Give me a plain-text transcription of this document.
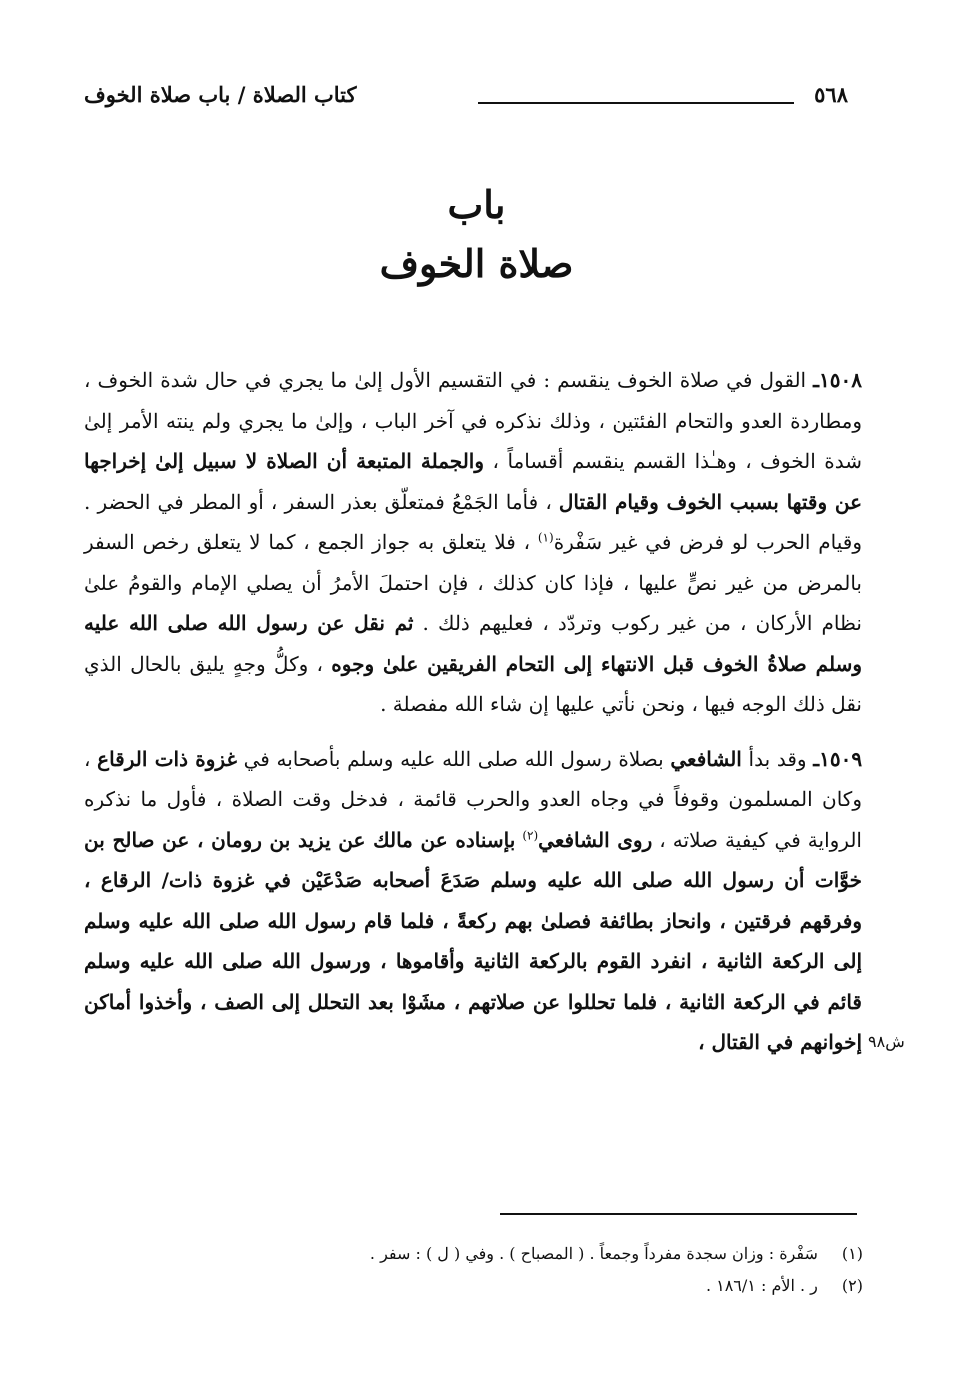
٥٦٨
كتاب الصلاة / باب صلاة الخوف
باب
صلاة الخوف

١٥٠٨ـ القول في صلاة الخوف ينقسم : في التقسيم الأول إلىٰ ما يجري في حال شدة الخوف ، ومطاردة العدو والتحام الفئتين ، وذلك نذكره في آخر الباب ، وإلىٰ ما يجري ولم ينته الأمر إلىٰ شدة الخوف ، وهـٰذا القسم ينقسم أقساماً ، والجملة المتبعة أن الصلاة لا سبيل إلىٰ إخراجها عن وقتها بسبب الخوف وقيام القتال ، فأما الجَمْعُ فمتعلّق بعذر السفر ، أو المطر في الحضر . وقيام الحرب لو فرض في غير سَفْرة$^{(١)}$ ، فلا يتعلق به جواز الجمع ، كما لا يتعلق رخص السفر بالمرض من غير نصٍّ عليها ، فإذا كان كذلك ، فإن احتملَ الأمرُ أن يصلي الإمام والقومُ علىٰ نظام الأركان ، من غير ركوب وتردّد ، فعليهم ذلك . ثم نقل عن رسول الله صلى الله عليه وسلم صلاةُ الخوف قبل الانتهاء إلى التحام الفريقين علىٰ وجوه ، وكلُّ وجهٍ يليق بالحال الذي نقل ذلك الوجه فيها ، ونحن نأتي عليها إن شاء الله مفصلة .

١٥٠٩ـ وقد بدأ الشافعي بصلاة رسول الله صلى الله عليه وسلم بأصحابه في غزوة ذات الرقاع ، وكان المسلمون وقوفاً في وجاه العدو والحرب قائمة ، فدخل وقت الصلاة ، فأول ما نذكره الرواية في كيفية صلاته ، روى الشافعي$^{(٢)}$ بإسناده عن مالك عن يزيد بن رومان ، عن صالح بن خوَّات أن رسول الله صلى الله عليه وسلم صَدَعَ أصحابه صَدْعَيْن في غزوة ذات/ الرقاع ، وفرقهم فرقتين ، وانحاز بطائفة فصلىٰ بهم ركعةً ، فلما قام رسول الله صلى الله عليه وسلم إلى الركعة الثانية ، انفرد القوم بالركعة الثانية وأقاموها ، ورسول الله صلى الله عليه وسلم قائم في الركعة الثانية ، فلما تحللوا عن صلاتهم ، مشَوْا بعد التحلل إلى الصف ، وأخذوا أماكن إخوانهم في القتال ، ش٩٨
(١) سَفْرة : وزان سجدة مفرداً وجمعاً . ( المصباح ) . وفي ( ل ) : سفر .
(٢) ر . الأم : ١٨٦/١ .
